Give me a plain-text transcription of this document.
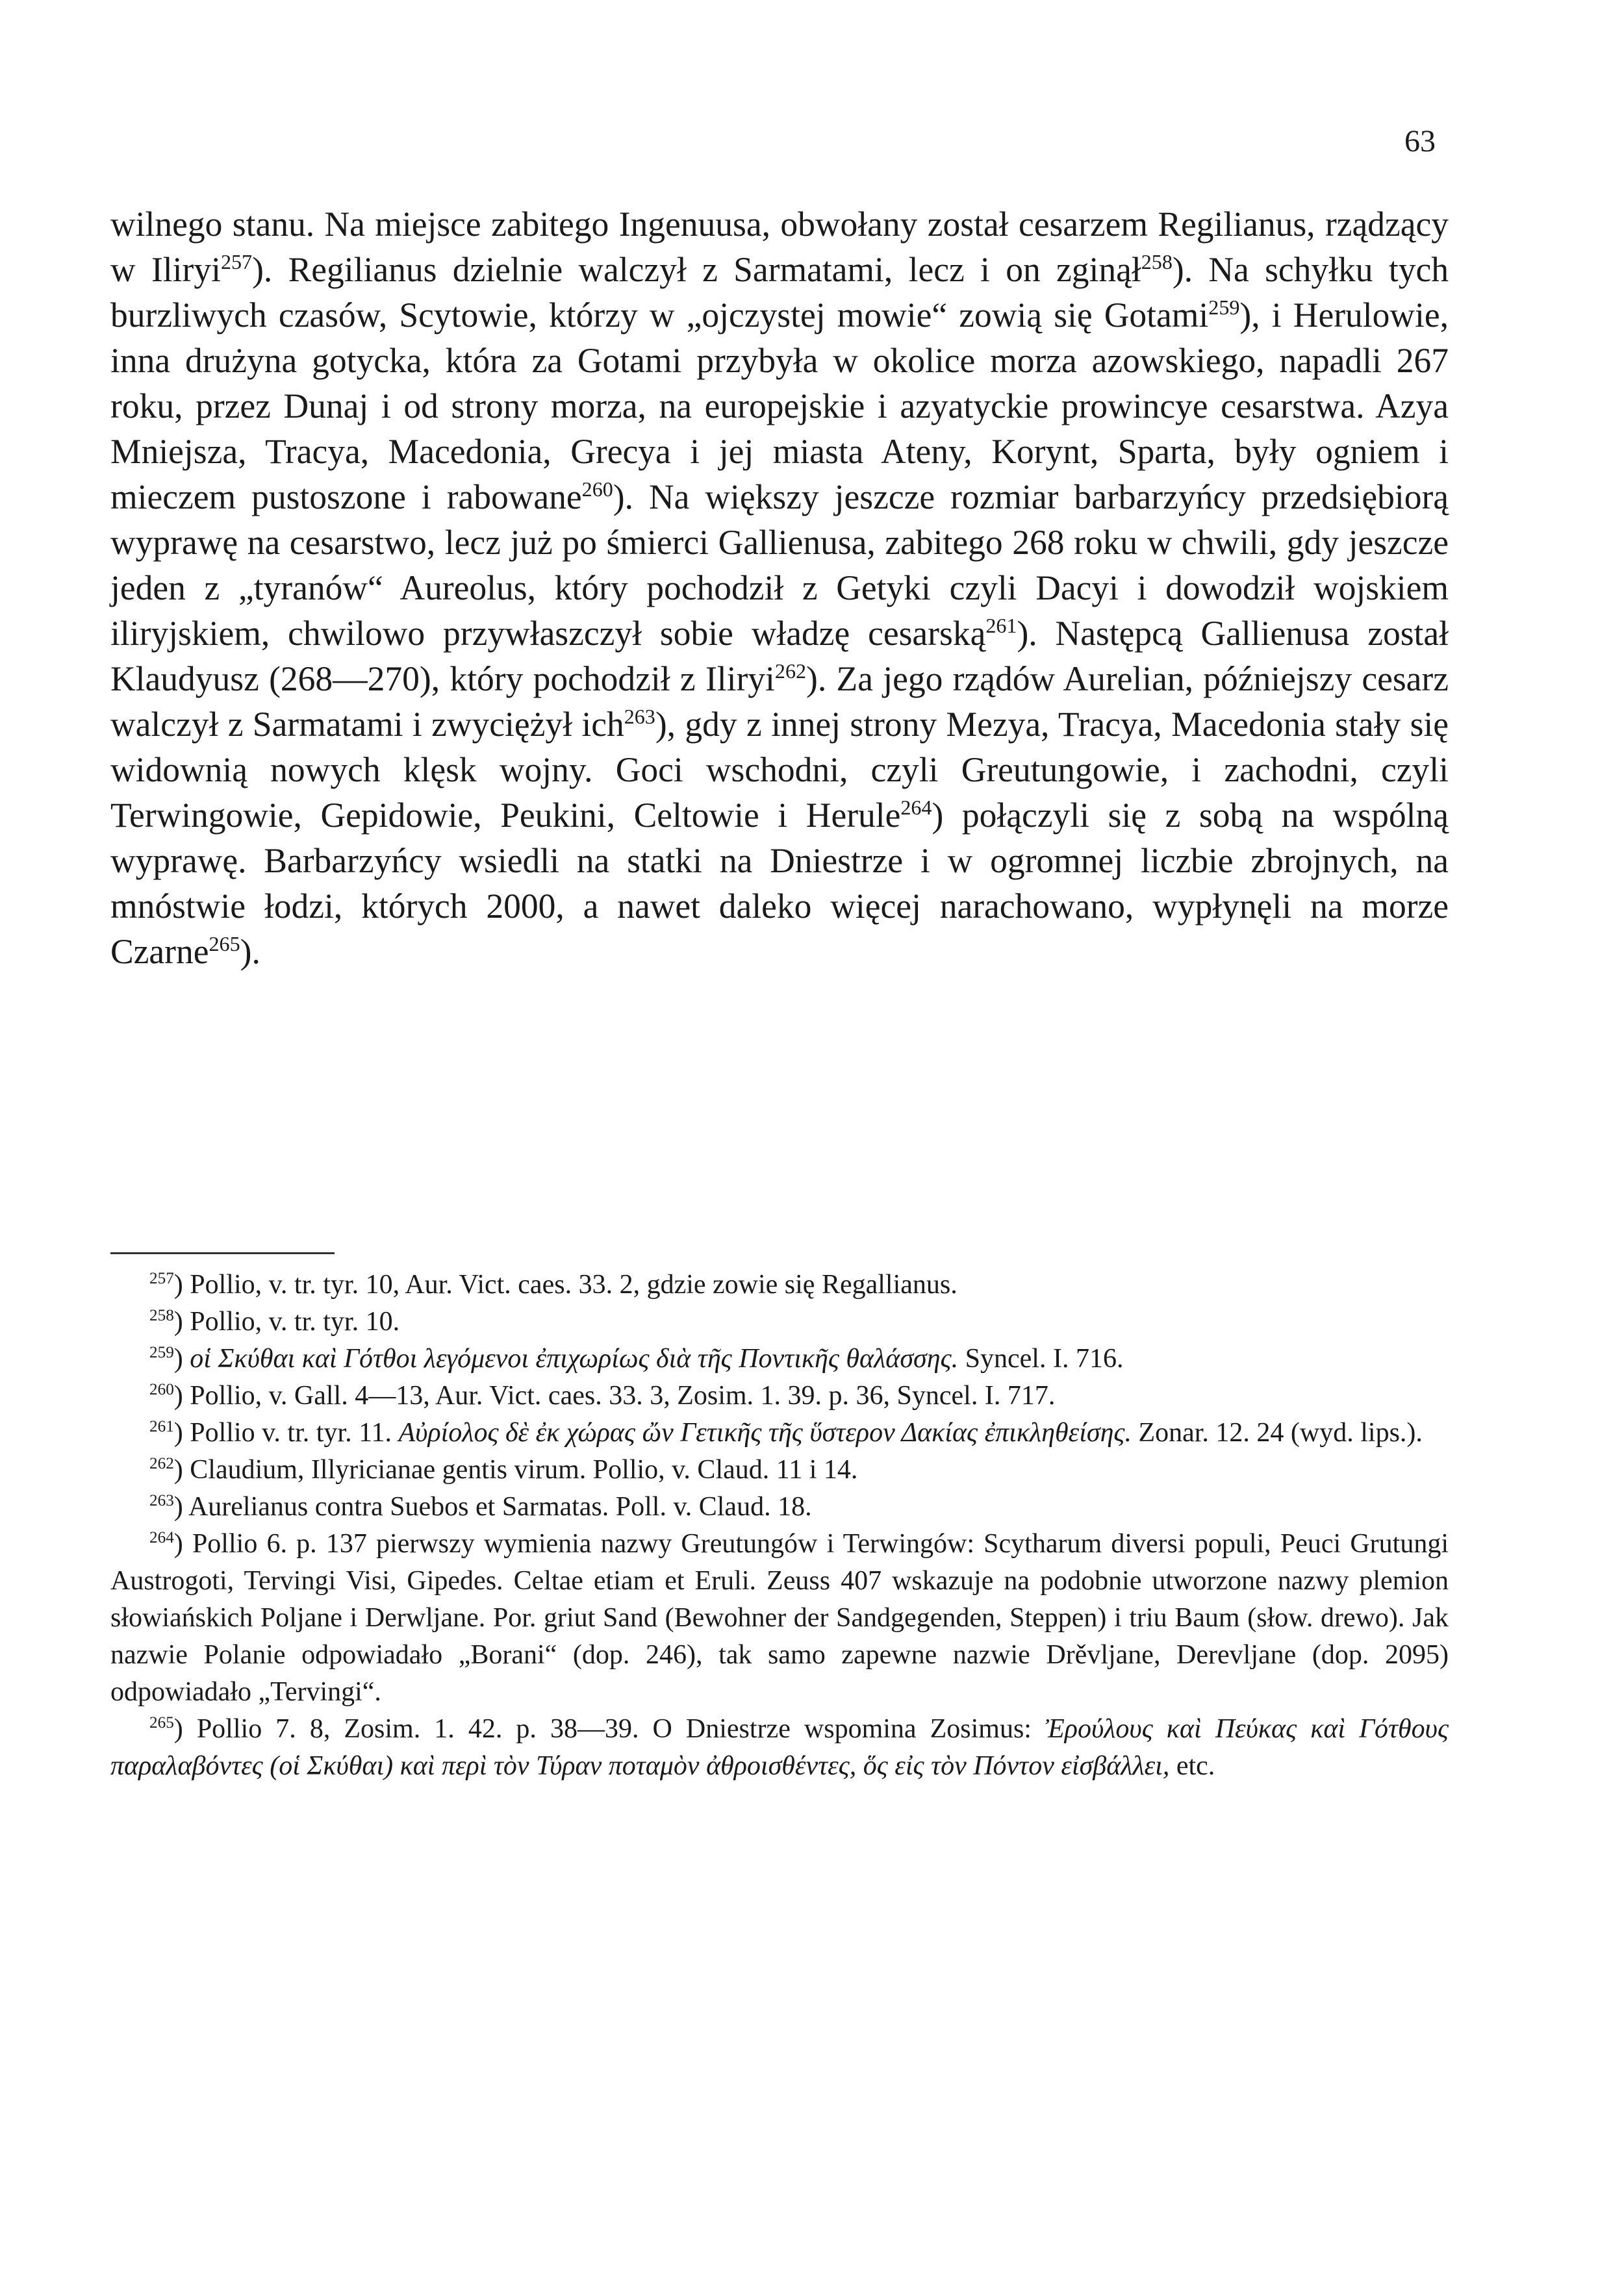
63

wilnego stanu. Na miejsce zabitego Ingenuusa, obwołany został cesarzem Regilianus, rządzący w Iliryi$^{257}$). Regilianus dzielnie walczył z Sarmatami, lecz i on zginął$^{258}$). Na schyłku tych burzliwych czasów, Scytowie, którzy w „ojczystej mowie“ zowią się Gotami$^{259}$), i Herulowie, inna drużyna gotycka, która za Gotami przybyła w okolice morza azowskiego, napadli 267 roku, przez Dunaj i od strony morza, na europejskie i azyatyckie prowincye cesarstwa. Azya Mniejsza, Tracya, Macedonia, Grecya i jej miasta Ateny, Korynt, Sparta, były ogniem i mieczem pustoszone i rabowane$^{260}$). Na większy jeszcze rozmiar barbarzyńcy przedsiębiorą wyprawę na cesarstwo, lecz już po śmierci Gallienusa, zabitego 268 roku w chwili, gdy jeszcze jeden z „tyranów“ Aureolus, który pochodził z Getyki czyli Dacyi i dowodził wojskiem iliryjskiem, chwilowo przywłaszczył sobie władzę cesarską$^{261}$). Następcą Gallienusa został Klaudyusz (268—270), który pochodził z Iliryi$^{262}$). Za jego rządów Aurelian, późniejszy cesarz walczył z Sarmatami i zwyciężył ich$^{263}$), gdy z innej strony Mezya, Tracya, Macedonia stały się widownią nowych klęsk wojny. Goci wschodni, czyli Greutungowie, i zachodni, czyli Terwingowie, Gepidowie, Peukini, Celtowie i Herule$^{264}$) połączyli się z sobą na wspólną wyprawę. Barbarzyńcy wsiedli na statki na Dniestrze i w ogromnej liczbie zbrojnych, na mnóstwie łodzi, których 2000, a nawet daleko więcej narachowano, wypłynęli na morze Czarne$^{265}$).

$^{257}$) Pollio, v. tr. tyr. 10, Aur. Vict. caes. 33. 2, gdzie zowie się Regallianus.
$^{258}$) Pollio, v. tr. tyr. 10.
$^{259}$) οἱ Σκύθαι καὶ Γότθοι λεγόμενοι ἐπιχωρίως διὰ τῆς Ποντικῆς θαλάσσης. Syncel. I. 716.
$^{260}$) Pollio, v. Gall. 4—13, Aur. Vict. caes. 33. 3, Zosim. 1. 39. p. 36, Syncel. I. 717.
$^{261}$) Pollio v. tr. tyr. 11. Αὐρίολος δὲ ἐκ χώρας ὤν Γετικῆς τῆς ὕστερον Δακίας ἐπικληθείσης. Zonar. 12. 24 (wyd. lips.).
$^{262}$) Claudium, Illyricianae gentis virum. Pollio, v. Claud. 11 i 14.
$^{263}$) Aurelianus contra Suebos et Sarmatas. Poll. v. Claud. 18.
$^{264}$) Pollio 6. p. 137 pierwszy wymienia nazwy Greutungów i Terwingów: Scytharum diversi populi, Peuci Grutungi Austrogoti, Tervingi Visi, Gipedes. Celtae etiam et Eruli. Zeuss 407 wskazuje na podobnie utworzone nazwy plemion słowiańskich Poljane i Derwljane. Por. griut Sand (Bewohner der Sandgegenden, Steppen) i triu Baum (słow. drewo). Jak nazwie Polanie odpowiadało „Borani“ (dop. 246), tak samo zapewne nazwie Drěvljane, Derevljane (dop. 2095) odpowiadało „Tervingi“.
$^{265}$) Pollio 7. 8, Zosim. 1. 42. p. 38—39. O Dniestrze wspomina Zosimus: Ἐρούλους καὶ Πεύκας καὶ Γότθους παραλαβόντες (οἱ Σκύθαι) καὶ περὶ τὸν Τύραν ποταμὸν ἀθροισθέντες, ὅς εἰς τὸν Πόντον εἰσβάλλει, etc.
